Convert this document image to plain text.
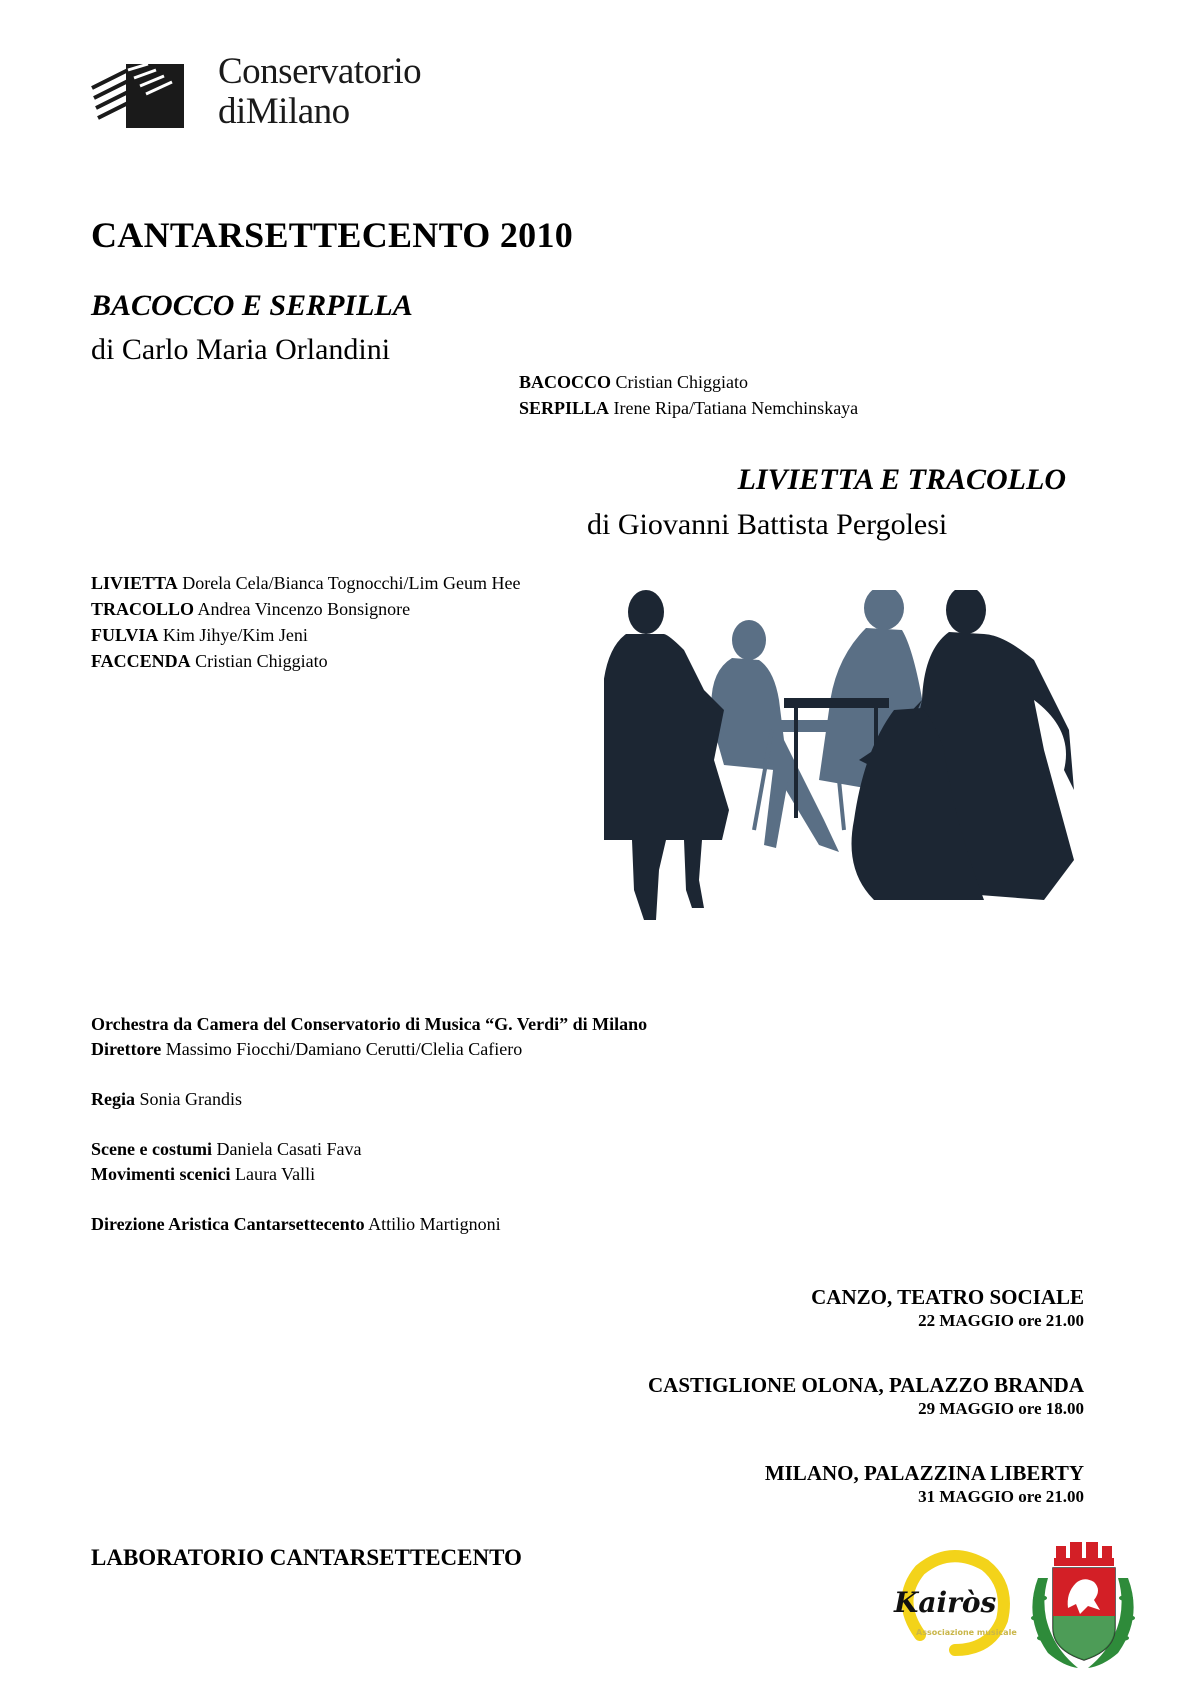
Conservatorio
diMilano
CANTARSETTECENTO 2010
BACOCCO E SERPILLA
di Carlo Maria Orlandini
BACOCCO Cristian Chiggiato
SERPILLA Irene Ripa/Tatiana Nemchinskaya
LIVIETTA E TRACOLLO
di Giovanni Battista Pergolesi
LIVIETTA Dorela Cela/Bianca Tognocchi/Lim Geum Hee
TRACOLLO Andrea Vincenzo Bonsignore
FULVIA Kim Jihye/Kim Jeni
FACCENDA Cristian Chiggiato
Orchestra da Camera del Conservatorio di Musica “G. Verdi” di Milano
Direttore Massimo Fiocchi/Damiano Cerutti/Clelia Cafiero
Regia Sonia Grandis
Scene e costumi Daniela Casati Fava
Movimenti scenici Laura Valli
Direzione Aristica Cantarsettecento Attilio Martignoni
CANZO, TEATRO SOCIALE
22 MAGGIO ore 21.00
CASTIGLIONE OLONA, PALAZZO BRANDA
29 MAGGIO ore 18.00
MILANO, PALAZZINA LIBERTY
31 MAGGIO ore 21.00
LABORATORIO CANTARSETTECENTO
Kairòs
Associazione musicale
